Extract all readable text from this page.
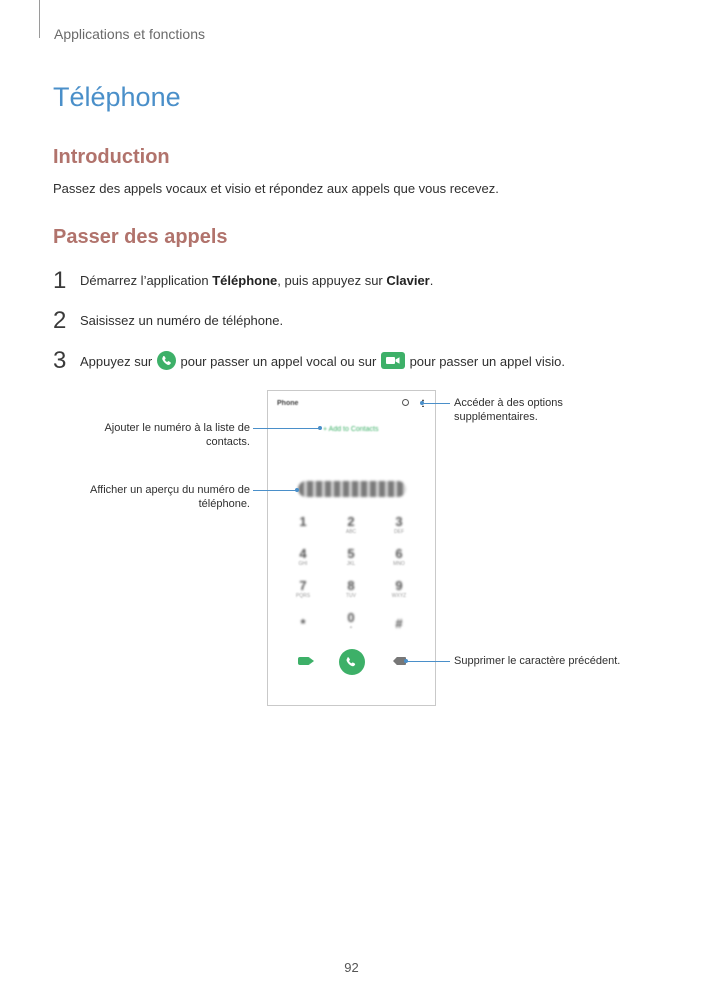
Applications et fonctions
Téléphone
Introduction

Passez des appels vocaux et visio et répondez aux appels que vous recevez.

Passer des appels
1 Démarrez l’application Téléphone, puis appuyez sur Clavier.
2 Saisissez un numéro de téléphone.
3 Appuyez sur  pour passer un appel vocal ou sur  pour passer un appel visio.
Phone
+ Add to Contacts
1	2
ABC
3
DEF
4
GHI
5
JKL
6
MNO
7
PQRS
8
TUV
9
WXYZ
*	0
+	#
Accéder à des options supplémentaires.
Ajouter le numéro à la liste de contacts.
Afficher un aperçu du numéro de téléphone.
Supprimer le caractère précédent.
92
